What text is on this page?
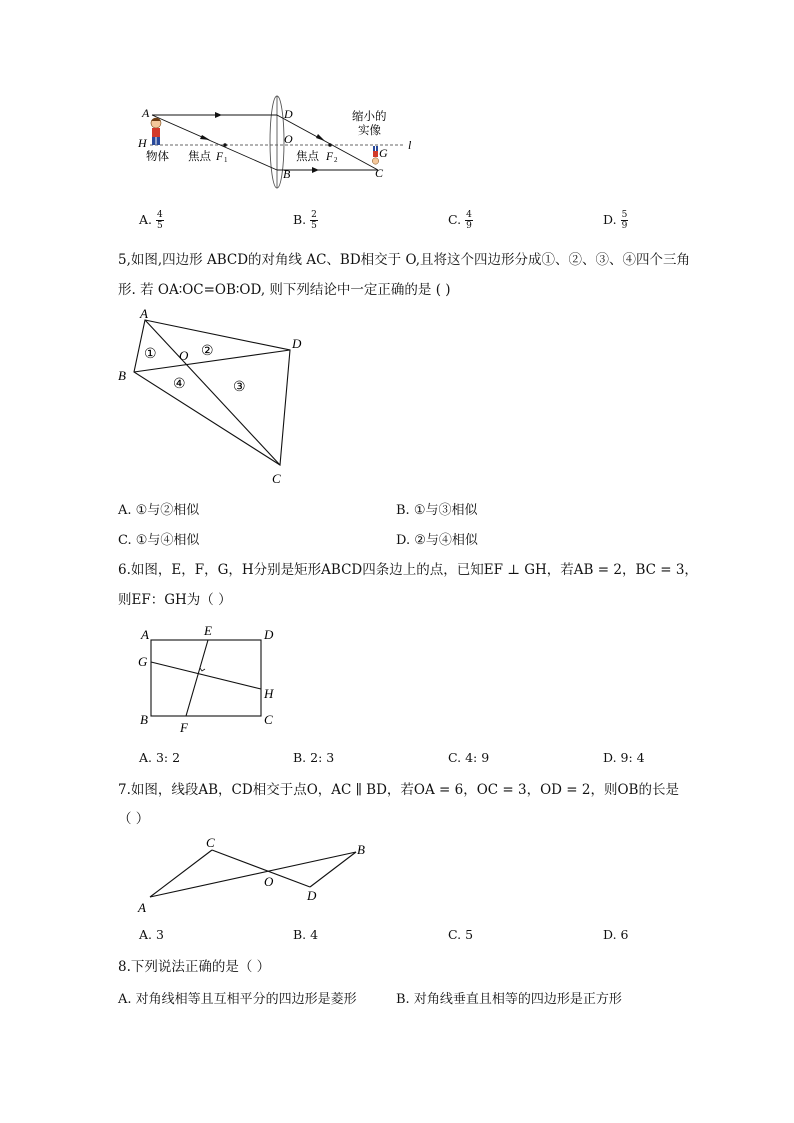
A
H
D
O
B	C
G
l
F 1	F 2
物体 焦点	焦点
缩小的
实像
A. $\frac{4}{5}$	B. $\frac{2}{5}$	C. $\frac{4}{9}$	D. $\frac{5}{9}$
5,如图,四边形 ABCD的对角线 AC、BD相交于 O,且将这个四边形分成①、②、③、④四个三角
形. 若 OA∶OC=OB∶OD, 则下列结论中一定正确的是 ( )
A
B
C
D
O
①	②
③
④
A. ①与②相似	B. ①与③相似
C. ①与④相似	D. ②与④相似
6.如图，E，F，G，H分别是矩形ABCD四条边上的点，已知EF ⊥ GH，若AB = 2，BC = 3，
则EF：GH为（ ）
A
B	C
D
E
F
G
H
A. 3: 2	B. 2: 3	C. 4: 9	D. 9: 4
7.如图，线段AB，CD相交于点O，AC ∥ BD，若OA = 6，OC = 3，OD = 2，则OB的长是
（ ）
A
B
C
D
O
A. 3	B. 4	C. 5	D. 6
8.下列说法正确的是（ ）
A. 对角线相等且互相平分的四边形是菱形	B. 对角线垂直且相等的四边形是正方形
